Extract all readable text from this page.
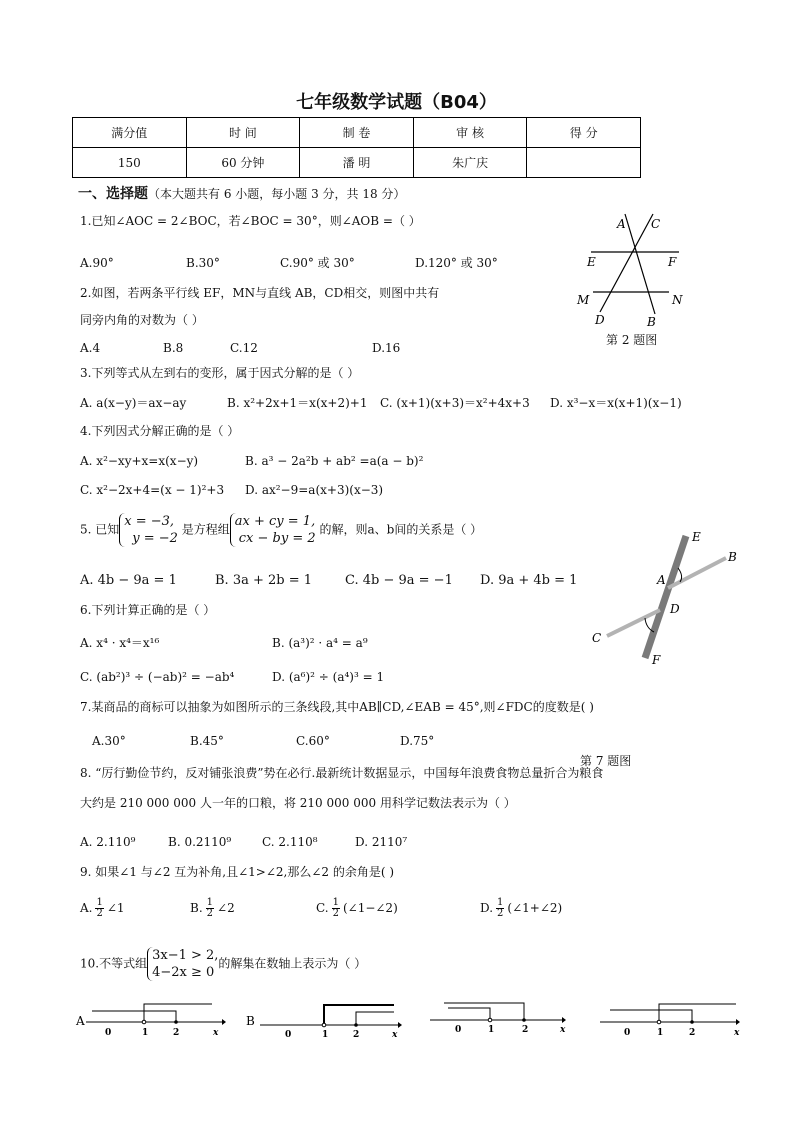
七年级数学试题（B04）
满分值	时 间	制 卷	审 核	得 分
150	60 分钟	潘 明	朱广庆	
一、选择题（本大题共有 6 小题，每小题 3 分，共 18 分）
1.已知∠AOC = 2∠BOC，若∠BOC = 30°，则∠AOB =（ ）
A.90°	B.30°	C.90° 或 30°	D.120° 或 30°
A C
E	F
M	N
D	B
第 2 题图
2.如图，若两条平行线 EF，MN与直线 AB，CD相交，则图中共有
同旁内角的对数为（ ）
A.4	B.8	C.12	D.16
3.下列等式从左到右的变形，属于因式分解的是（ ）
A. a(x−y)＝ax−ay	B. x²+2x+1＝x(x+2)+1 C. (x+1)(x+3)＝x²+4x+3 D. x³−x＝x(x+1)(x−1)
4.下列因式分解正确的是（ ）
A. x²−xy+x=x(x−y)	B. a³ − 2a²b + ab² =a(a − b)²
C. x²−2x+4=(x − 1)²+3 D. ax²−9=a(x+3)(x−3)
5. 已知x = −3,
y = −2 是方程组ax + cy = 1,
cx − by = 2 的解，则a、b间的关系是（ ）
A. 4b − 9a = 1	B. 3a + 2b = 1	C. 4b − 9a = −1 D. 9a + 4b = 1
E
B
A
D
C
F
第 7 题图
6.下列计算正确的是（ ）
A. x⁴ · x⁴＝x¹⁶	B. (a³)² · a⁴ = a⁹
C. (ab²)³ ÷ (−ab)² = −ab⁴	D. (a⁶)² ÷ (a⁴)³ = 1
7.某商品的商标可以抽象为如图所示的三条线段,其中AB∥CD,∠EAB = 45°,则∠FDC的度数是( )
A.30°	B.45°	C.60°	D.75°
8. “厉行勤俭节约，反对铺张浪费”势在必行.最新统计数据显示，中国每年浪费食物总量折合为粮食
大约是 210 000 000 人一年的口粮，将 210 000 000 用科学记数法表示为（ ）
A. 2.110⁹	B. 0.2110⁹	C. 2.110⁸	D. 2110⁷
9. 如果∠1 与∠2 互为补角,且∠1>∠2,那么∠2 的余角是( )
A. $\frac{1}{2}$ ∠1	B. $\frac{1}{2}$ ∠2	C. $\frac{1}{2}$ (∠1−∠2)	D. $\frac{1}{2}$ (∠1+∠2)
10.不等式组3x−1 > 2,
4−2x ≥ 0的解集在数轴上表示为（ ）
A
0	1	2	x
B
0	1	2	x	0	1	2	x	0	1	2	x
